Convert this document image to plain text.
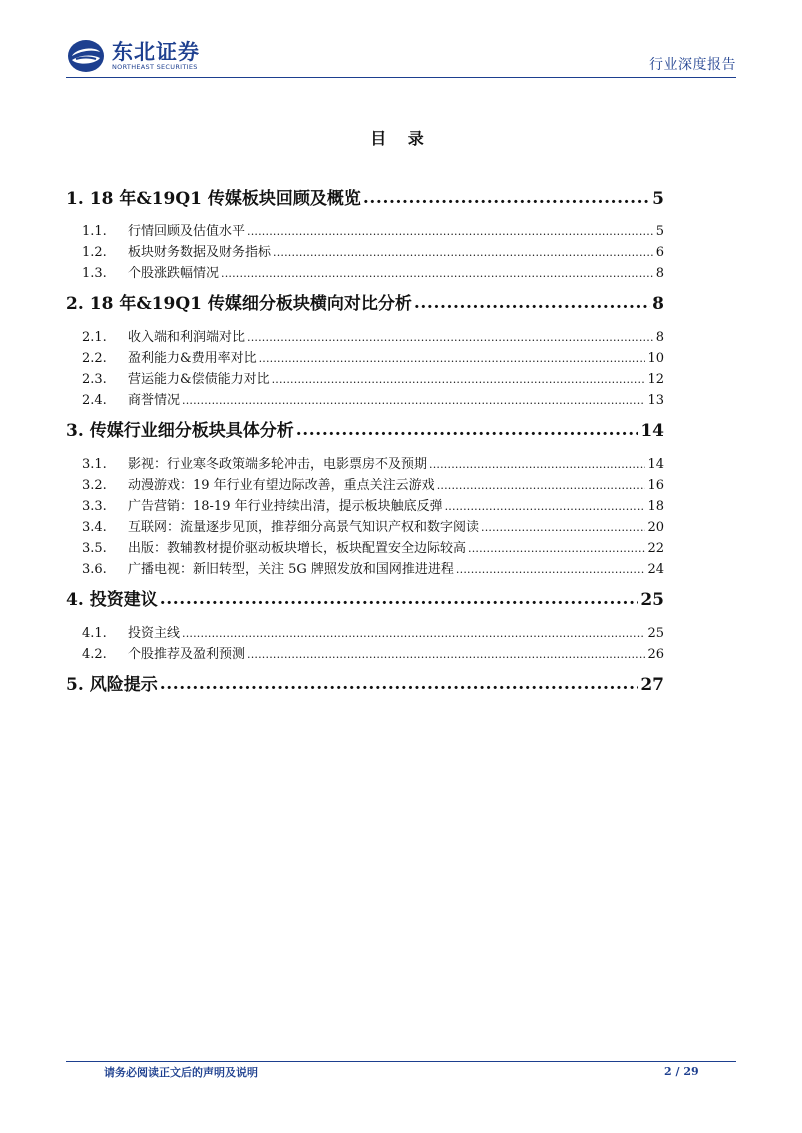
东北证券
NORTHEAST SECURITIES	行业深度报告
目 录
1. 18 年&19Q1 传媒板块回顾及概览 .....	5
1.1.	行情回顾及估值水平 .....	5
1.2.	板块财务数据及财务指标 .....	6
1.3.	个股涨跌幅情况 .....	8
2. 18 年&19Q1 传媒细分板块横向对比分析 .....	8
2.1.	收入端和利润端对比 .....	8
2.2.	盈利能力&费用率对比 .....	10
2.3.	营运能力&偿债能力对比 .....	12
2.4.	商誉情况 .....	13
3. 传媒行业细分板块具体分析 .....	14
3.1.	影视：行业寒冬政策端多轮冲击，电影票房不及预期 .....	14
3.2.	动漫游戏：19 年行业有望边际改善，重点关注云游戏 .....	16
3.3.	广告营销：18-19 年行业持续出清，提示板块触底反弹 .....	18
3.4.	互联网：流量逐步见顶，推荐细分高景气知识产权和数字阅读 .....	20
3.5.	出版：教辅教材提价驱动板块增长，板块配置安全边际较高 .....	22
3.6.	广播电视：新旧转型，关注 5G 牌照发放和国网推进进程 .....	24
4. 投资建议 .....	25
4.1.	投资主线 .....	25
4.2.	个股推荐及盈利预测 .....	26
5. 风险提示 .....	27
请务必阅读正文后的声明及说明	2 / 29
